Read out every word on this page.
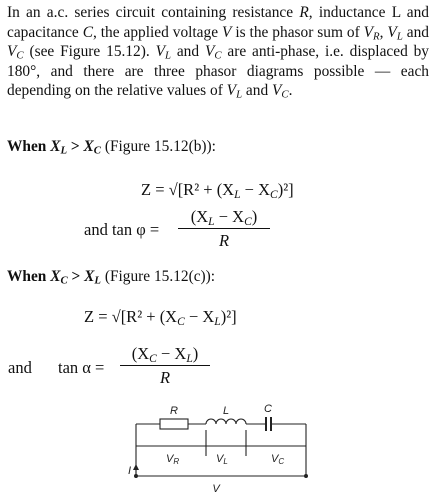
In an a.c. series circuit containing resistance R, inductance L and capacitance C, the applied voltage V is the phasor sum of $V_R$, $V_L$ and $V_C$ (see Figure 15.12). $V_L$ and $V_C$ are anti-phase, i.e. displaced by 180°, and there are three phasor diagrams possible — each depending on the relative values of $V_L$ and $V_C$.
When $X_L > X_C$ (Figure 15.12(b)):
$Z = √[R^2 + (X_L - X_C)^2]$
and tan φ =
$(X_L - X_C)$
R
When $X_C > X_L$ (Figure 15.12(c)):
$Z = √[R^2 + (X_C - X_L)^2]$
and tan α =
$(X_C - X_L)$
R
R	L	C
VR	VL	VC
I
V
